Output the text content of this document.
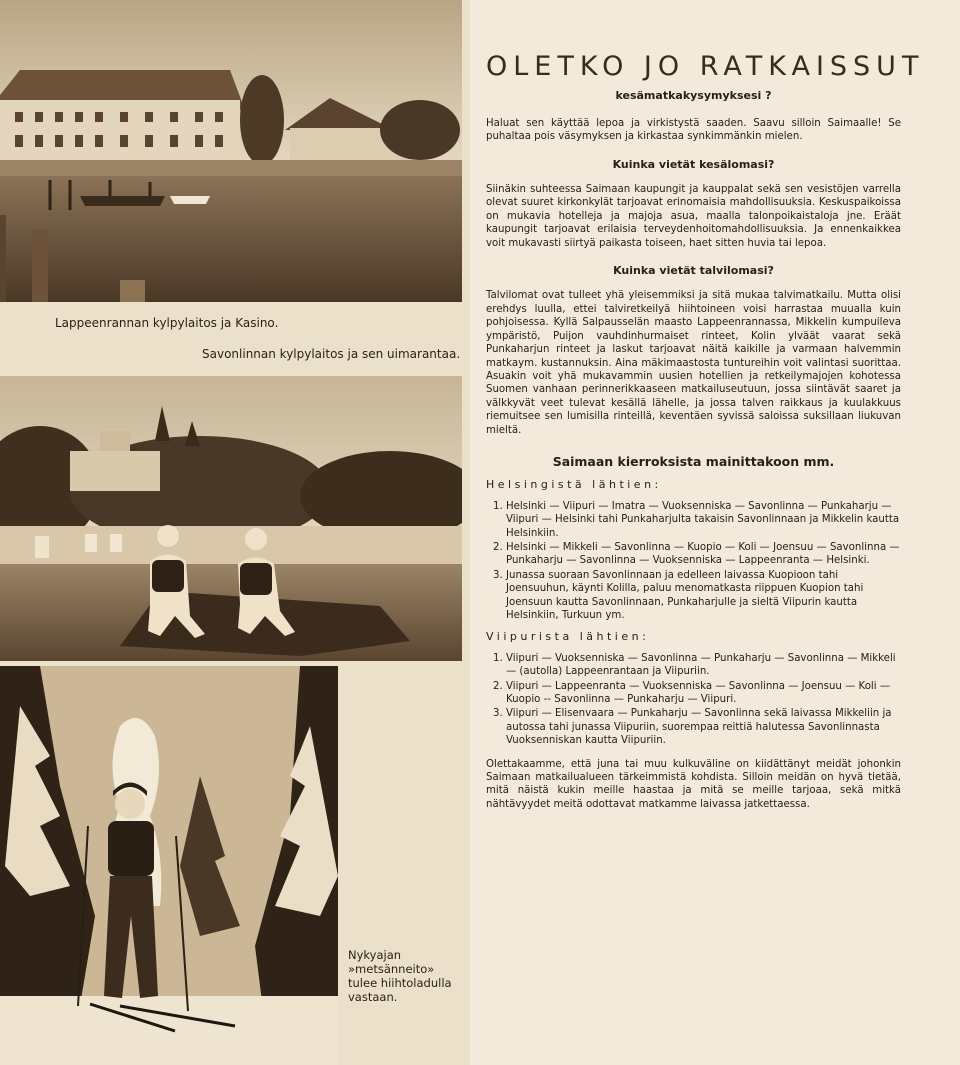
Lappeenrannan kylpylaitos ja Kasino.
Savonlinnan kylpylaitos ja sen uimarantaa.
Nykyajan »metsänneito» tulee hiihtoladulla vastaan.
OLETKO JO RATKAISSUT
kesämatkakysymyksesi ?

Haluat sen käyttää lepoa ja virkistystä saaden. Saavu silloin Saimaalle! Se puhaltaa pois väsymyksen ja kirkastaa synkimmänkin mielen.

Kuinka vietät kesälomasi?

Siinäkin suhteessa Saimaan kaupungit ja kauppalat sekä sen vesistöjen varrella olevat suuret kirkonkylät tarjoavat erinomaisia mahdollisuuksia. Keskuspaikoissa on mukavia hotelleja ja majoja asua, maalla talonpoikaistaloja jne. Eräät kaupungit tarjoavat erilaisia terveydenhoitomahdollisuuksia. Ja ennenkaikkea voit mukavasti siirtyä paikasta toiseen, haet sitten huvia tai lepoa.

Kuinka vietät talvilomasi?

Talvilomat ovat tulleet yhä yleisemmiksi ja sitä mukaa talvimatkailu. Mutta olisi erehdys luulla, ettei talviretkeilyä hiihtoineen voisi harrastaa muualla kuin pohjoisessa. Kyllä Salpausselän maasto Lappeenrannassa, Mikkelin kumpuileva ympäristö, Puijon vauhdinhurmaiset rinteet, Kolin ylväät vaarat sekä Punkaharjun rinteet ja laskut tarjoavat näitä kaikille ja varmaan halvemmin matkaym. kustannuksin. Aina mäkimaastosta tuntureihin voit valintasi suorittaa. Asuakin voit yhä mukavammin uusien hotellien ja retkeilymajojen kohotessa Suomen vanhaan perinnerikkaaseen matkailuseutuun, jossa siintävät saaret ja välkkyvät veet tulevat kesällä lähelle, ja jossa talven raikkaus ja kuulakkuus riemuitsee sen lumisilla rinteillä, keventäen syvissä saloissa suksillaan liukuvan mieltä.

Saimaan kierroksista mainittakoon mm.
Helsingistä lähtien:
1. Helsinki — Viipuri — Imatra — Vuoksenniska — Savonlinna — Punkaharju — Viipuri — Helsinki tahi Punkaharjulta takaisin Savonlinnaan ja Mikkelin kautta Helsinkiin.
2. Helsinki — Mikkeli — Savonlinna — Kuopio — Koli — Joensuu — Savonlinna — Punkaharju — Savonlinna — Vuoksenniska — Lappeenranta — Helsinki.
3. Junassa suoraan Savonlinnaan ja edelleen laivassa Kuopioon tahi Joensuuhun, käynti Kolilla, paluu menomatkasta riippuen Kuopion tahi Joensuun kautta Savonlinnaan, Punkaharjulle ja sieltä Viipurin kautta Helsinkiin, Turkuun ym.
Viipurista lähtien:
1. Viipuri — Vuoksenniska — Savonlinna — Punkaharju — Savonlinna — Mikkeli — (autolla) Lappeenrantaan ja Viipuriin.
2. Viipuri — Lappeenranta — Vuoksenniska — Savonlinna — Joensuu — Koli — Kuopio -- Savonlinna — Punkaharju — Viipuri.
3. Viipuri — Elisenvaara — Punkaharju — Savonlinna sekä laivassa Mikkeliin ja autossa tahi junassa Viipuriin, suorempaa reittiä halutessa Savonlinnasta Vuoksenniskan kautta Viipuriin.

Olettakaamme, että juna tai muu kulkuväline on kiidättänyt meidät johonkin Saimaan matkailualueen tärkeimmistä kohdista. Silloin meidän on hyvä tietää, mitä näistä kukin meille haastaa ja mitä se meille tarjoaa, sekä mitkä nähtävyydet meitä odottavat matkamme laivassa jatkettaessa.
